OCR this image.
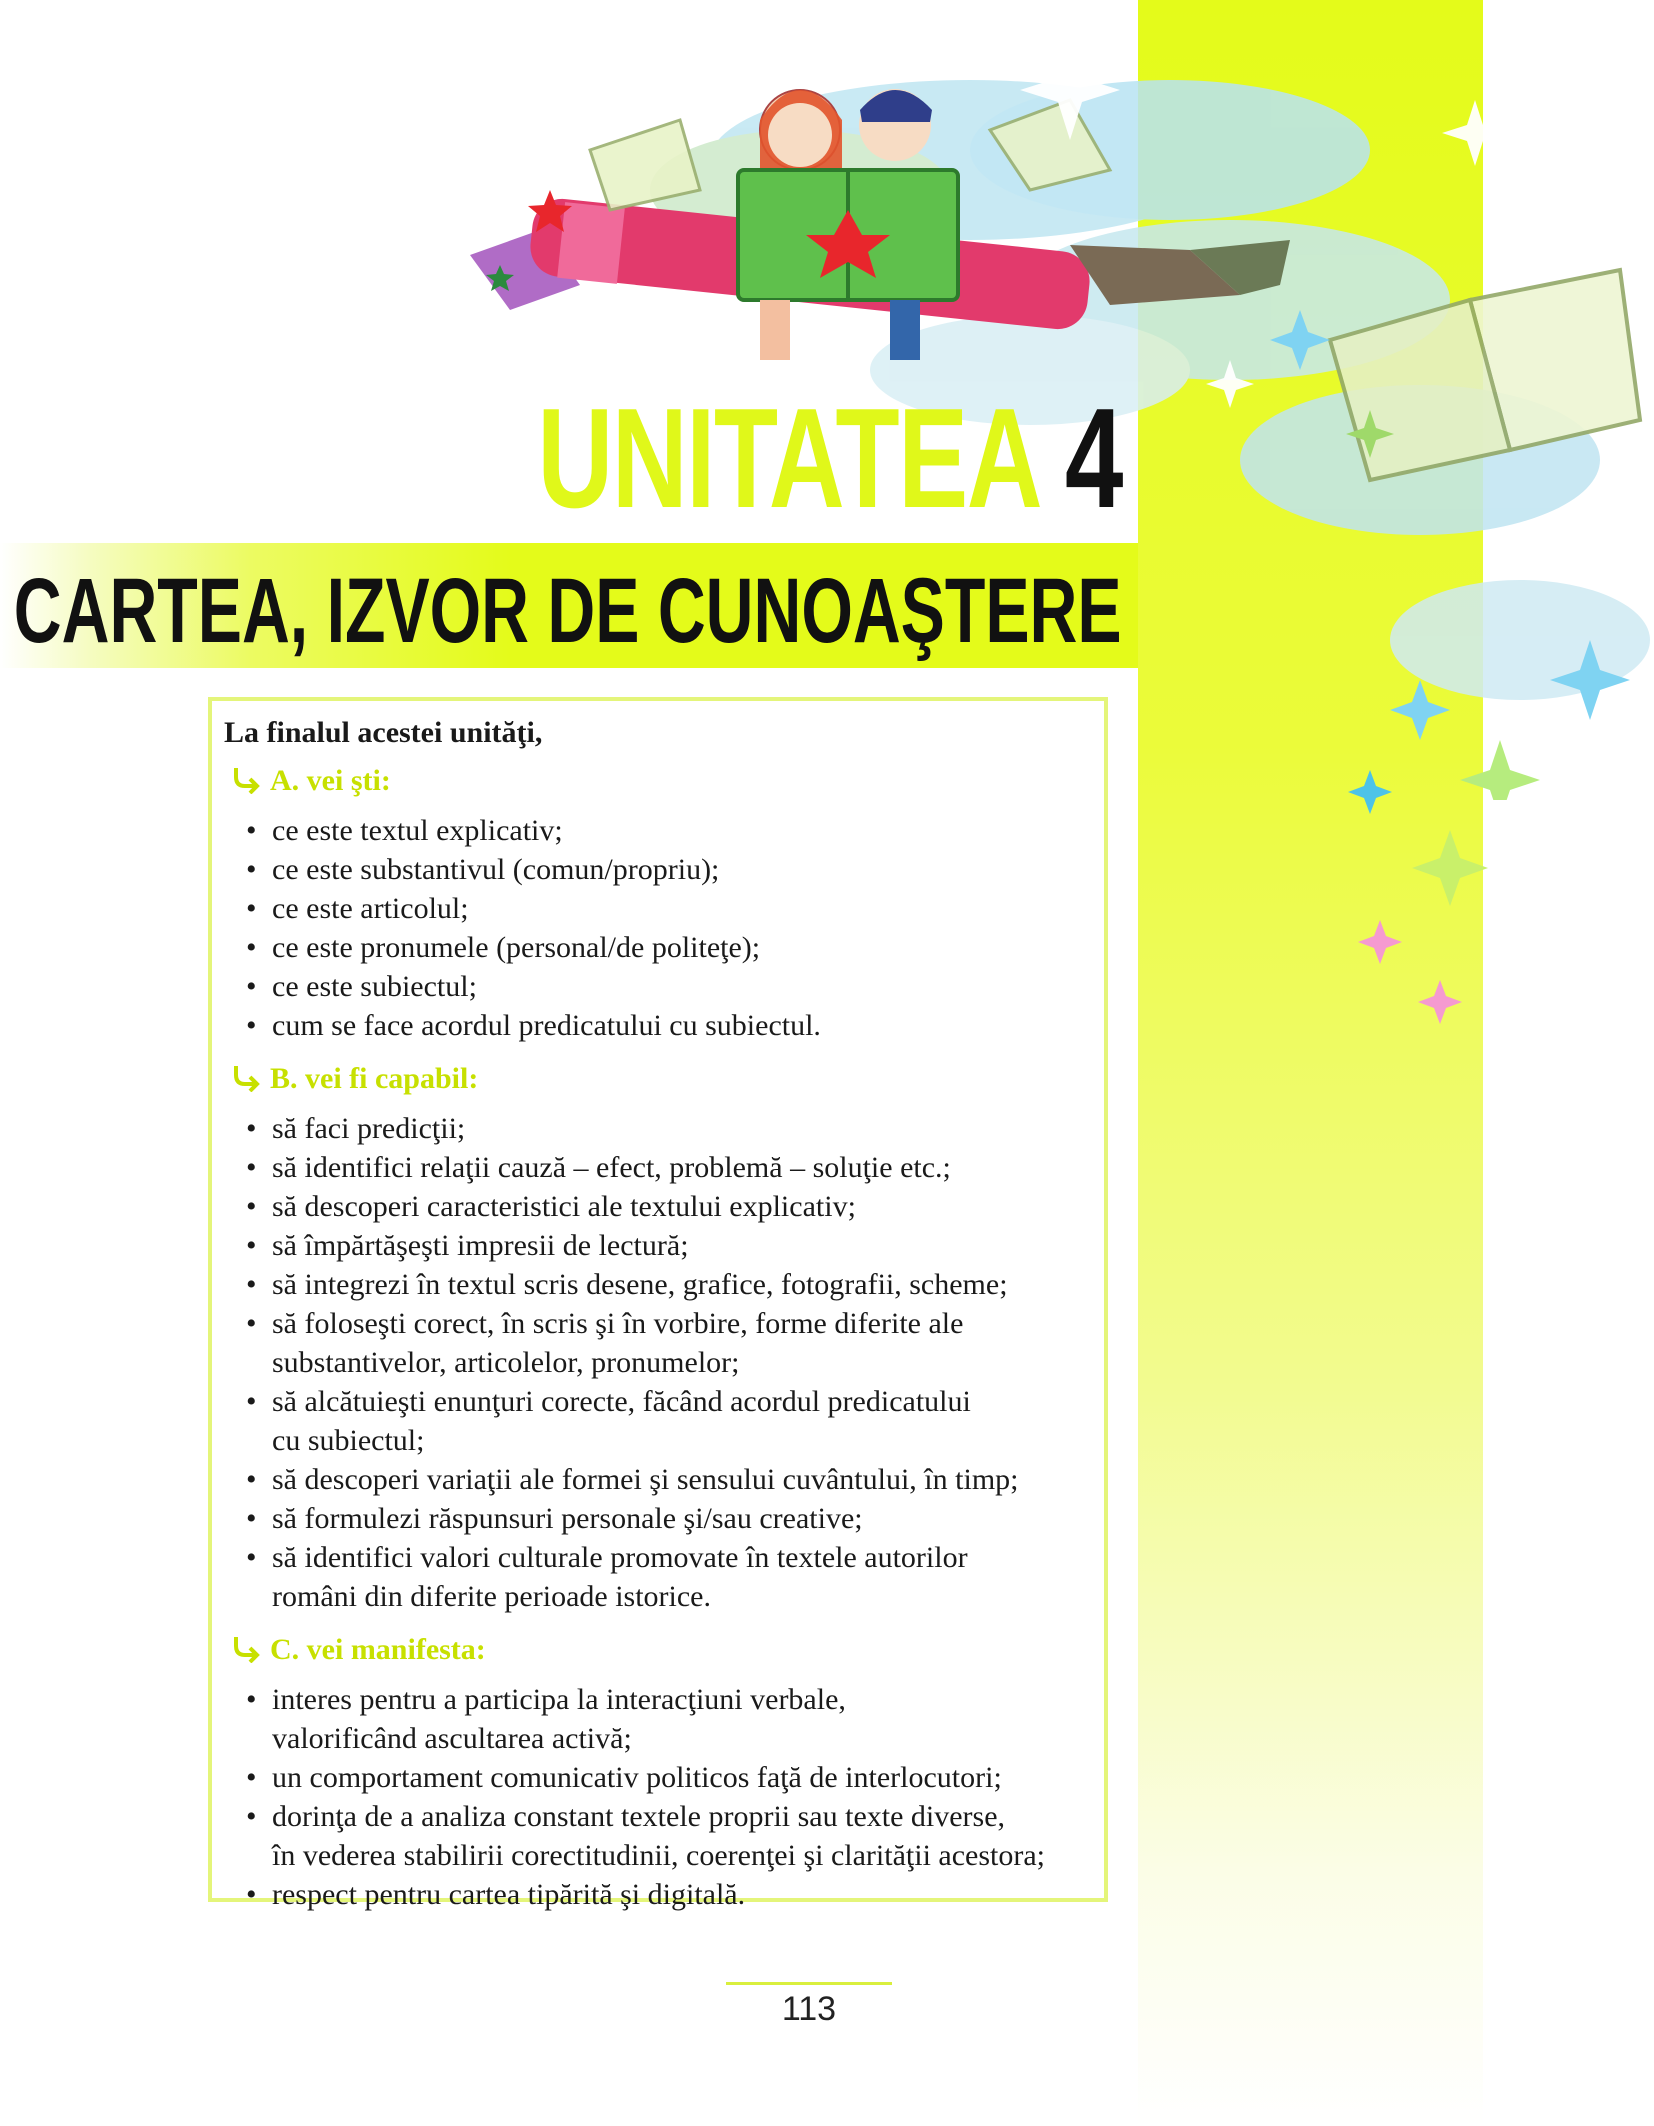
UNITATEA 4
CARTEA, IZVOR DE CUNOAŞTERE

La finalul acestei unităţi,

A. vei şti:
• ce este textul explicativ;
• ce este substantivul (comun/propriu);
• ce este articolul;
• ce este pronumele (personal/de politeţe);
• ce este subiectul;
• cum se face acordul predicatului cu subiectul.
B. vei fi capabil:
• să faci predicţii;
• să identifici relaţii cauză – efect, problemă – soluţie etc.;
• să descoperi caracteristici ale textului explicativ;
• să împărtăşeşti impresii de lectură;
• să integrezi în textul scris desene, grafice, fotografii, scheme;
• să foloseşti corect, în scris şi în vorbire, forme diferite ale
substantivelor, articolelor, pronumelor;
• să alcătuieşti enunţuri corecte, făcând acordul predicatului
cu subiectul;
• să descoperi variaţii ale formei şi sensului cuvântului, în timp;
• să formulezi răspunsuri personale şi/sau creative;
• să identifici valori culturale promovate în textele autorilor
români din diferite perioade istorice.
C. vei manifesta:
• interes pentru a participa la interacţiuni verbale,
valorificând ascultarea activă;
• un comportament comunicativ politicos faţă de interlocutori;
• dorinţa de a analiza constant textele proprii sau texte diverse,
în vederea stabilirii corectitudinii, coerenţei şi clarităţii acestora;
• respect pentru cartea tipărită şi digitală.
113
